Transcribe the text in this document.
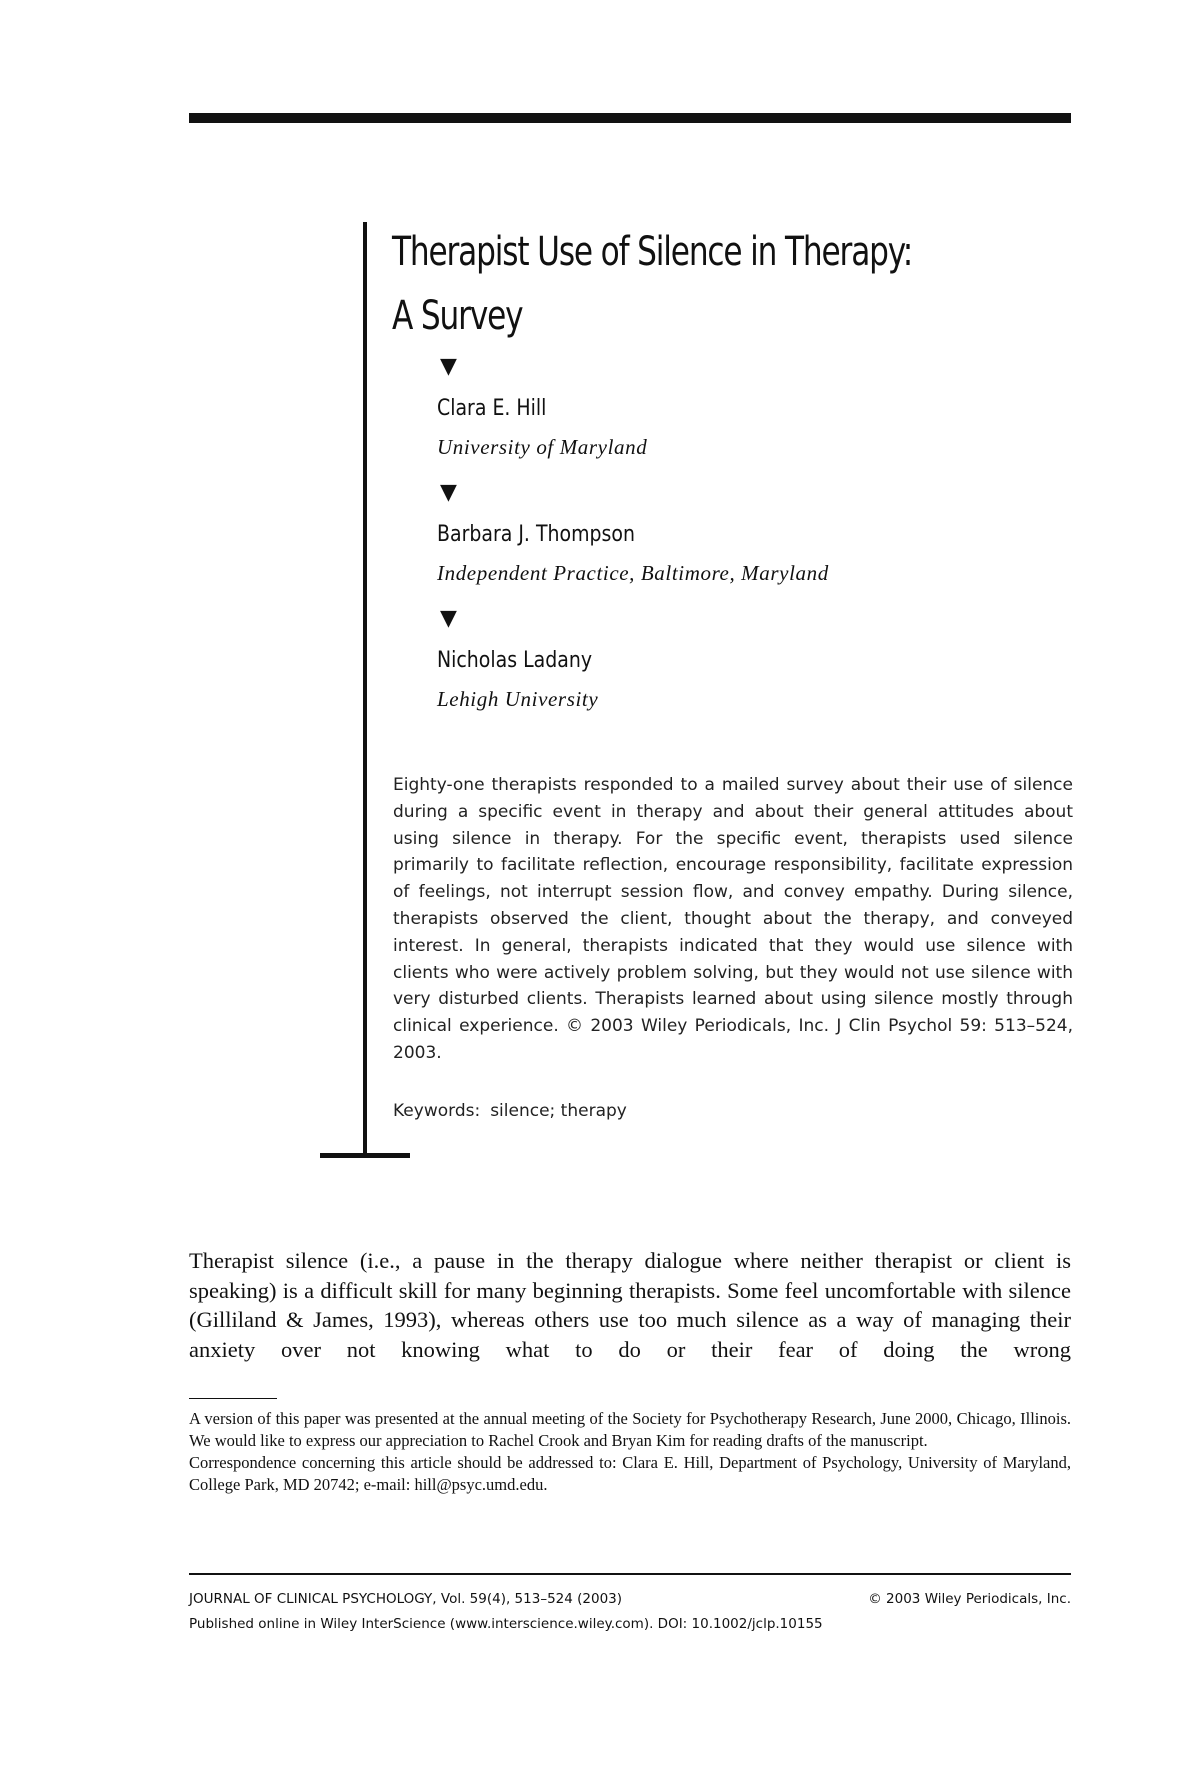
Therapist Use of Silence in Therapy:
A Survey
▼
Clara E. Hill
University of Maryland
▼
Barbara J. Thompson
Independent Practice, Baltimore, Maryland
▼
Nicholas Ladany
Lehigh University

Eighty-one therapists responded to a mailed survey about their use of silence during a specific event in therapy and about their general attitudes about using silence in therapy. For the specific event, therapists used silence primarily to facilitate reflection, encourage responsibility, facilitate expression of feelings, not interrupt session flow, and convey empathy. During silence, therapists observed the client, thought about the therapy, and conveyed interest. In general, therapists indicated that they would use silence with clients who were actively problem solving, but they would not use silence with very disturbed clients. Therapists learned about using silence mostly through clinical experience. © 2003 Wiley Periodicals, Inc. J Clin Psychol 59: 513–524, 2003.

Keywords: silence; therapy

Therapist silence (i.e., a pause in the therapy dialogue where neither therapist or client is speaking) is a difficult skill for many beginning therapists. Some feel uncomfortable with silence (Gilliland & James, 1993), whereas others use too much silence as a way of managing their anxiety over not knowing what to do or their fear of doing the wrong

A version of this paper was presented at the annual meeting of the Society for Psychotherapy Research, June 2000, Chicago, Illinois. We would like to express our appreciation to Rachel Crook and Bryan Kim for reading drafts of the manuscript.

Correspondence concerning this article should be addressed to: Clara E. Hill, Department of Psychology, University of Maryland, College Park, MD 20742; e-mail: hill@psyc.umd.edu.

JOURNAL OF CLINICAL PSYCHOLOGY, Vol. 59(4), 513–524 (2003)	© 2003 Wiley Periodicals, Inc.
Published online in Wiley InterScience (www.interscience.wiley.com). DOI: 10.1002/jclp.10155
